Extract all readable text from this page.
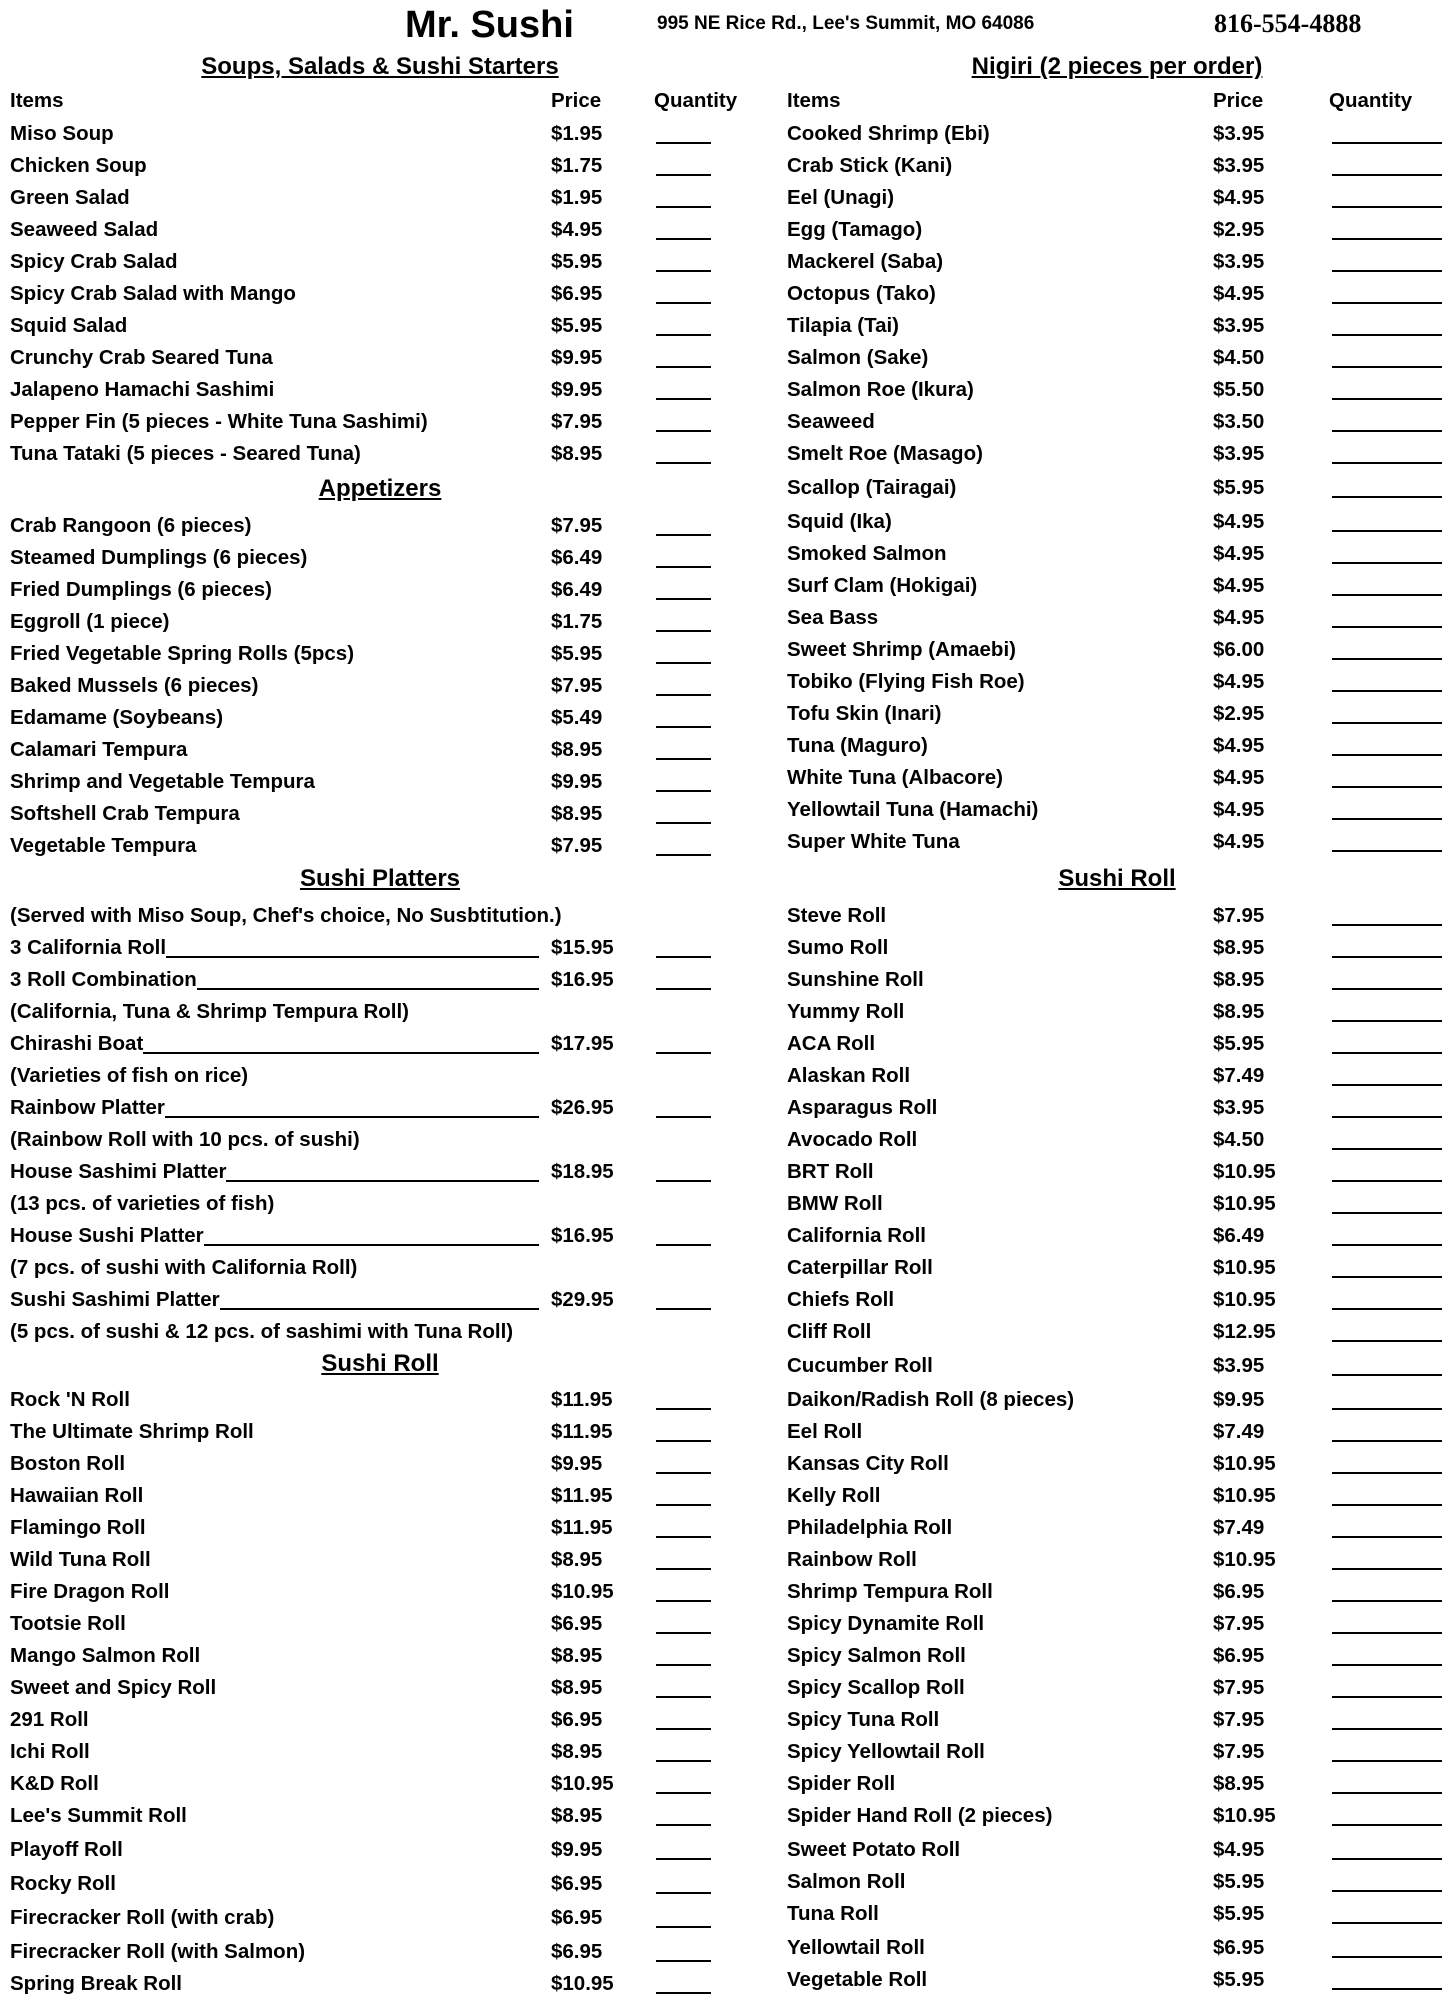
Mr. Sushi	995 NE Rice Rd., Lee's Summit, MO 64086	816-554-4888
Soups, Salads & Sushi Starters
Items	Price	Quantity
Miso Soup	$1.95
Chicken Soup	$1.75
Green Salad	$1.95
Seaweed Salad	$4.95
Spicy Crab Salad	$5.95
Spicy Crab Salad with Mango	$6.95
Squid Salad	$5.95
Crunchy Crab Seared Tuna	$9.95
Jalapeno Hamachi Sashimi	$9.95
Pepper Fin (5 pieces - White Tuna Sashimi)	$7.95
Tuna Tataki (5 pieces - Seared Tuna)	$8.95
Appetizers
Crab Rangoon (6 pieces)	$7.95
Steamed Dumplings (6 pieces)	$6.49
Fried Dumplings (6 pieces)	$6.49
Eggroll (1 piece)	$1.75
Fried Vegetable Spring Rolls (5pcs)	$5.95
Baked Mussels (6 pieces)	$7.95
Edamame (Soybeans)	$5.49
Calamari Tempura	$8.95
Shrimp and Vegetable Tempura	$9.95
Softshell Crab Tempura	$8.95
Vegetable Tempura	$7.95
Sushi Platters
(Served with Miso Soup, Chef's choice, No Susbtitution.)
3 California Roll	$15.95
3 Roll Combination	$16.95
(California, Tuna & Shrimp Tempura Roll)
Chirashi Boat	$17.95
(Varieties of fish on rice)
Rainbow Platter	$26.95
(Rainbow Roll with 10 pcs. of sushi)
House Sashimi Platter	$18.95
(13 pcs. of varieties of fish)
House Sushi Platter	$16.95
(7 pcs. of sushi with California Roll)
Sushi Sashimi Platter	$29.95
(5 pcs. of sushi & 12 pcs. of sashimi with Tuna Roll)
Sushi Roll
Rock 'N Roll	$11.95
The Ultimate Shrimp Roll	$11.95
Boston Roll	$9.95
Hawaiian Roll	$11.95
Flamingo Roll	$11.95
Wild Tuna Roll	$8.95
Fire Dragon Roll	$10.95
Tootsie Roll	$6.95
Mango Salmon Roll	$8.95
Sweet and Spicy Roll	$8.95
291 Roll	$6.95
Ichi Roll	$8.95
K&D Roll	$10.95
Lee's Summit Roll	$8.95
Playoff Roll	$9.95
Rocky Roll	$6.95
Firecracker Roll (with crab)	$6.95
Firecracker Roll (with Salmon)	$6.95
Spring Break Roll	$10.95
Nigiri (2 pieces per order)
Items	Price	Quantity
Cooked Shrimp (Ebi)	$3.95
Crab Stick (Kani)	$3.95
Eel (Unagi)	$4.95
Egg (Tamago)	$2.95
Mackerel (Saba)	$3.95
Octopus (Tako)	$4.95
Tilapia (Tai)	$3.95
Salmon (Sake)	$4.50
Salmon Roe (Ikura)	$5.50
Seaweed	$3.50
Smelt Roe (Masago)	$3.95
Scallop (Tairagai)	$5.95
Squid (Ika)	$4.95
Smoked Salmon	$4.95
Surf Clam (Hokigai)	$4.95
Sea Bass	$4.95
Sweet Shrimp (Amaebi)	$6.00
Tobiko (Flying Fish Roe)	$4.95
Tofu Skin (Inari)	$2.95
Tuna (Maguro)	$4.95
White Tuna (Albacore)	$4.95
Yellowtail Tuna (Hamachi)	$4.95
Super White Tuna	$4.95
Sushi Roll
Steve Roll	$7.95
Sumo Roll	$8.95
Sunshine Roll	$8.95
Yummy Roll	$8.95
ACA Roll	$5.95
Alaskan Roll	$7.49
Asparagus Roll	$3.95
Avocado Roll	$4.50
BRT Roll	$10.95
BMW Roll	$10.95
California Roll	$6.49
Caterpillar Roll	$10.95
Chiefs Roll	$10.95
Cliff Roll	$12.95
Cucumber Roll	$3.95
Daikon/Radish Roll (8 pieces)	$9.95
Eel Roll	$7.49
Kansas City Roll	$10.95
Kelly Roll	$10.95
Philadelphia Roll	$7.49
Rainbow Roll	$10.95
Shrimp Tempura Roll	$6.95
Spicy Dynamite Roll	$7.95
Spicy Salmon Roll	$6.95
Spicy Scallop Roll	$7.95
Spicy Tuna Roll	$7.95
Spicy Yellowtail Roll	$7.95
Spider Roll	$8.95
Spider Hand Roll (2 pieces)	$10.95
Sweet Potato Roll	$4.95
Salmon Roll	$5.95
Tuna Roll	$5.95
Yellowtail Roll	$6.95
Vegetable Roll	$5.95
